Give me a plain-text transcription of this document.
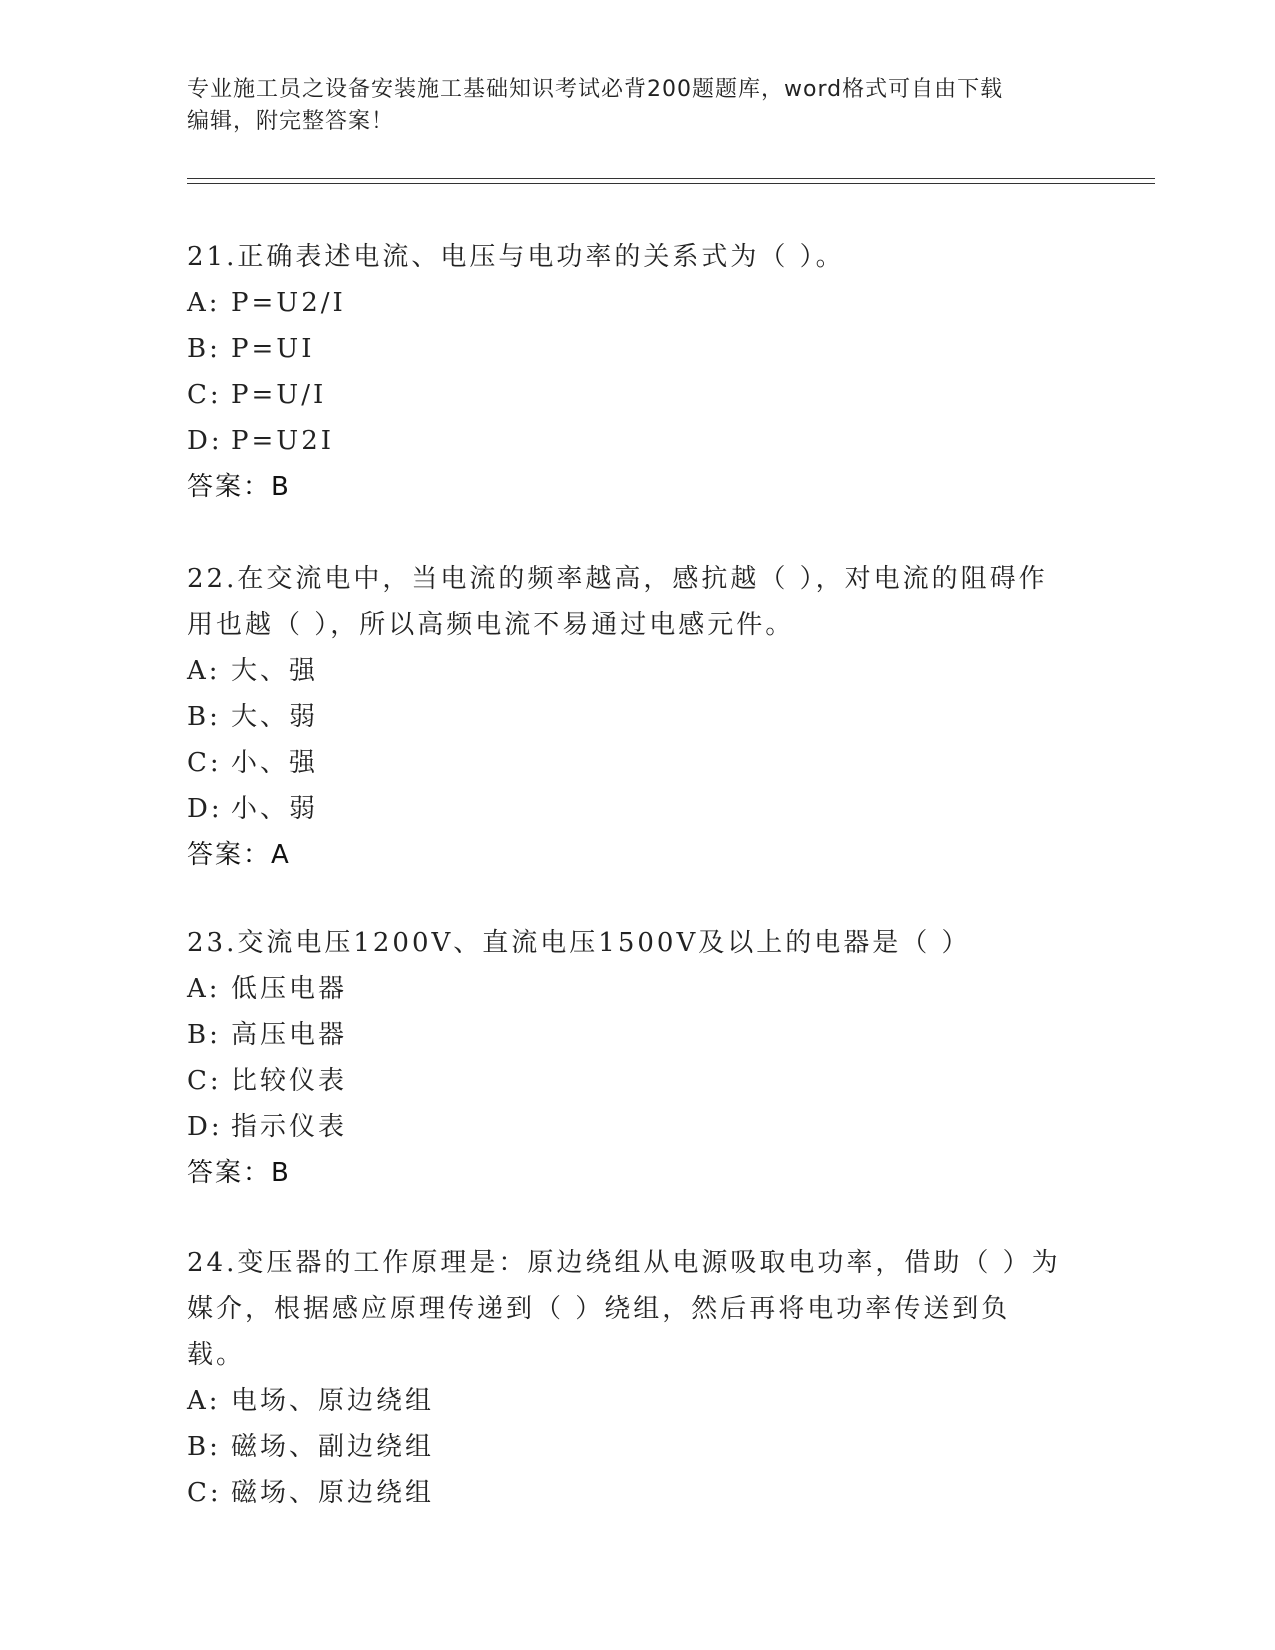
专业施工员之设备安装施工基础知识考试必背200题题库，word格式可自由下载
编辑，附完整答案！
21.正确表述电流、电压与电功率的关系式为（ ）。
A: P=U2/I
B: P=UI
C: P=U/I
D: P=U2I
答案：B
22.在交流电中，当电流的频率越高，感抗越（ ），对电流的阻碍作用也越（ ），所以高频电流不易通过电感元件。
A: 大、强
B: 大、弱
C: 小、强
D: 小、弱
答案：A
23.交流电压1200V、直流电压1500V及以上的电器是（ ）
A: 低压电器
B: 高压电器
C: 比较仪表
D: 指示仪表
答案：B
24.变压器的工作原理是：原边绕组从电源吸取电功率，借助（ ）为媒介，根据感应原理传递到（ ）绕组，然后再将电功率传送到负载。
A: 电场、原边绕组
B: 磁场、副边绕组
C: 磁场、原边绕组
